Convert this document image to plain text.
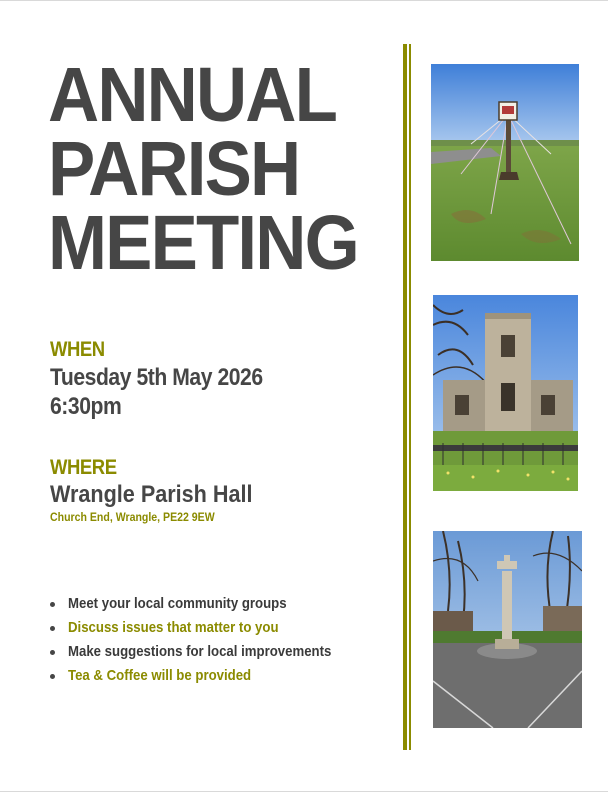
ANNUAL
PARISH
MEETING
WHEN
Tuesday 5th May 2026
6:30pm
WHERE
Wrangle Parish Hall
Church End, Wrangle, PE22 9EW
Meet your local community groups
Discuss issues that matter to you
Make suggestions for local improvements
Tea & Coffee will be provided
